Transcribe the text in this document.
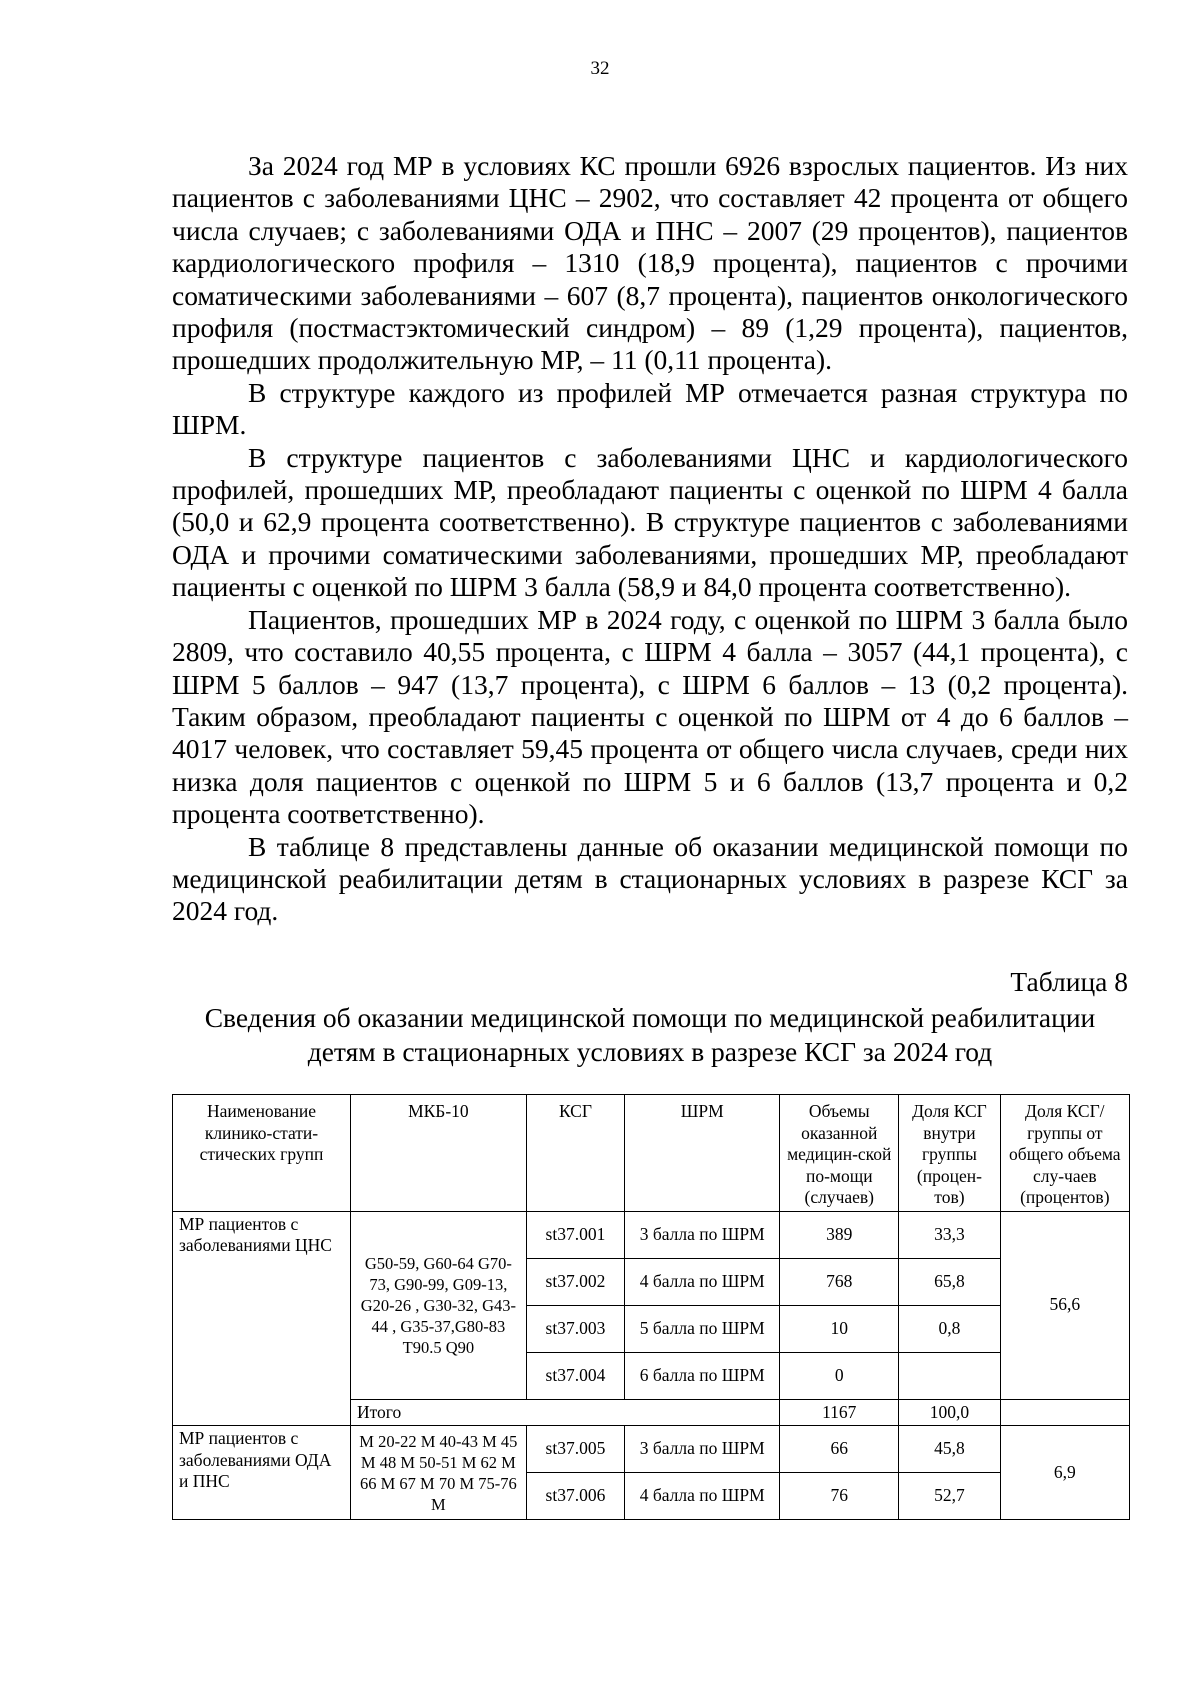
32

За 2024 год МР в условиях КС прошли 6926 взрослых пациентов. Из них пациентов с заболеваниями ЦНС – 2902, что составляет 42 процента от общего числа случаев; с заболеваниями ОДА и ПНС – 2007 (29 процентов), пациентов кардиологического профиля – 1310 (18,9 процента), пациентов с прочими соматическими заболеваниями – 607 (8,7 процента), пациентов онкологического профиля (постмастэктомический синдром) – 89 (1,29 процента), пациентов, прошедших продолжительную МР, – 11 (0,11 процента).

В структуре каждого из профилей МР отмечается разная структура по ШРМ.

В структуре пациентов с заболеваниями ЦНС и кардиологического профилей, прошедших МР, преобладают пациенты с оценкой по ШРМ 4 балла (50,0 и 62,9 процента соответственно). В структуре пациентов с заболеваниями ОДА и прочими соматическими заболеваниями, прошедших МР, преобладают пациенты с оценкой по ШРМ 3 балла (58,9 и 84,0 процента соответственно).

Пациентов, прошедших МР в 2024 году, с оценкой по ШРМ 3 балла было 2809, что составило 40,55 процента, с ШРМ 4 балла – 3057 (44,1 процента), с ШРМ 5 баллов – 947 (13,7 процента), с ШРМ 6 баллов – 13 (0,2 процента). Таким образом, преобладают пациенты с оценкой по ШРМ от 4 до 6 баллов – 4017 человек, что составляет 59,45 процента от общего числа случаев, среди них низка доля пациентов с оценкой по ШРМ 5 и 6 баллов (13,7 процента и 0,2 процента соответственно).

В таблице 8 представлены данные об оказании медицинской помощи по медицинской реабилитации детям в стационарных условиях в разрезе КСГ за 2024 год.

Таблица 8
Сведения об оказании медицинской помощи по медицинской реабилитации
детям в стационарных условиях в разрезе КСГ за 2024 год
Наименование клинико-стати-стических групп	МКБ-10	КСГ	ШРМ	Объемы оказанной медицин-ской по-мощи (случаев)	Доля КСГ внутри группы (процен-тов)	Доля КСГ/ группы от общего объема слу-чаев (процентов)
МР пациентов с заболеваниями ЦНС	G50-59, G60-64 G70-73, G90-99, G09-13, G20-26 , G30-32, G43-44 , G35-37,G80-83 T90.5 Q90	st37.001	3 балла по ШРМ	389	33,3	56,6
		st37.002	4 балла по ШРМ	768	65,8	
		st37.003	5 балла по ШРМ	10	0,8	
		st37.004	6 балла по ШРМ	0		
	Итого			1167	100,0	
МР пациентов с заболеваниями ОДА и ПНС	M 20-22 M 40-43 M 45 M 48 M 50-51 M 62 M 66 M 67 M 70 M 75-76 M	st37.005	3 балла по ШРМ	66	45,8	6,9
		st37.006	4 балла по ШРМ	76	52,7	
